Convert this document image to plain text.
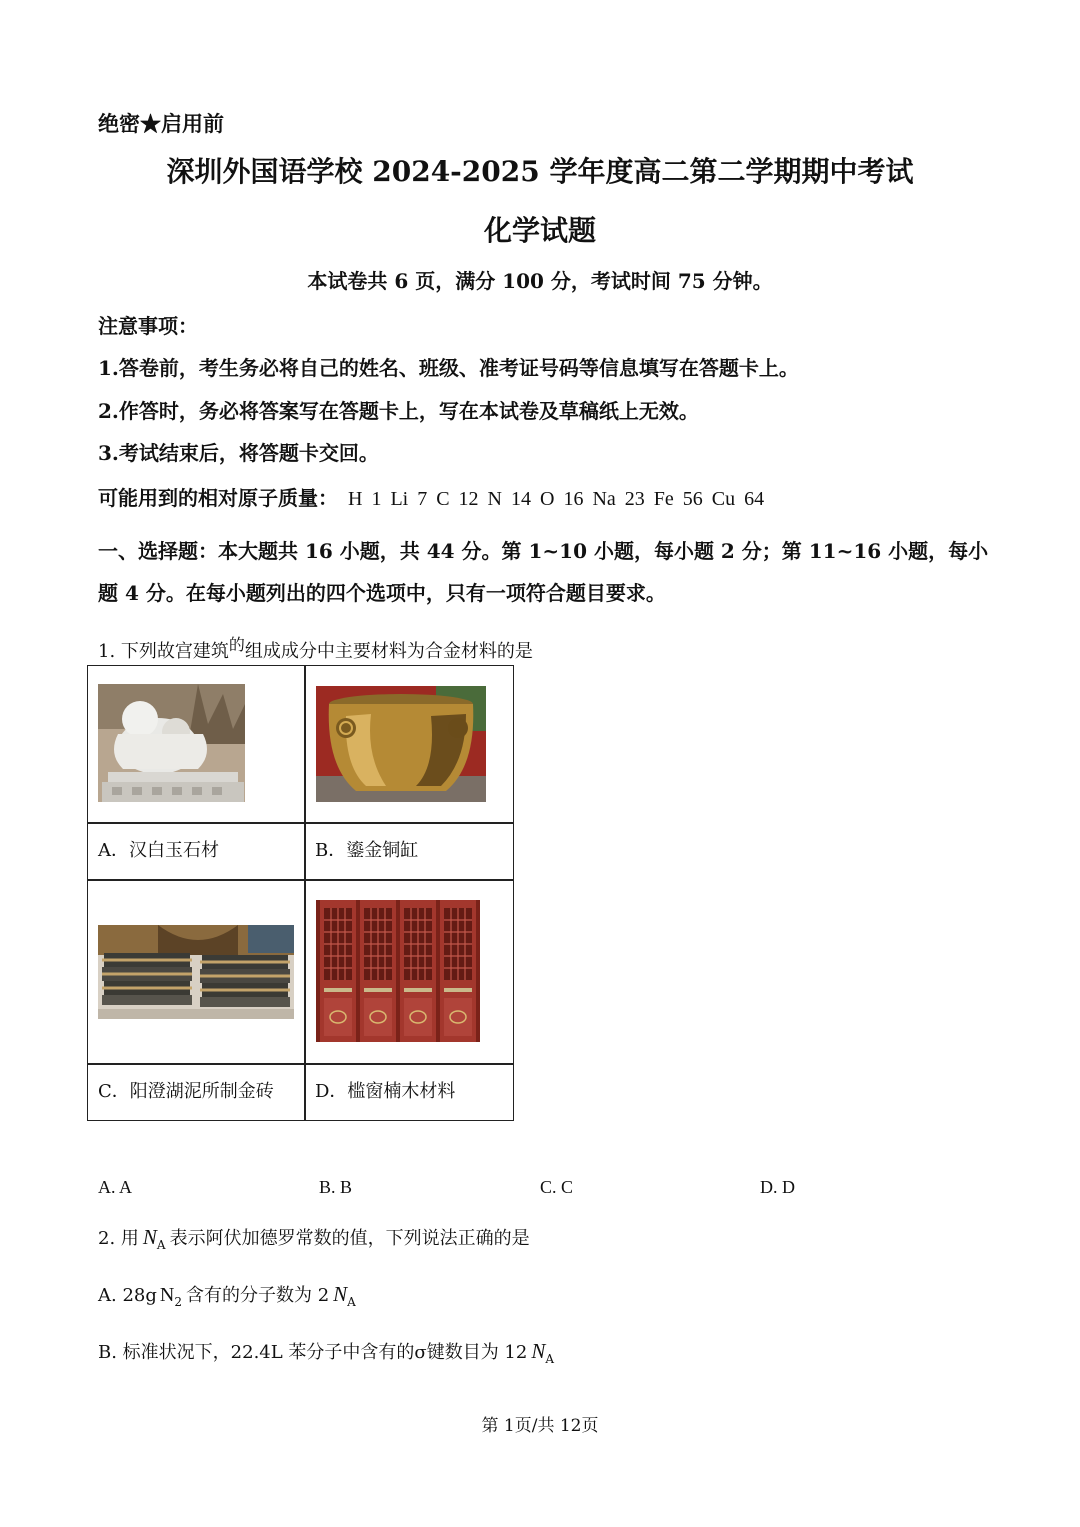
绝密★启用前
深圳外国语学校 2024-2025 学年度高二第二学期期中考试
化学试题
本试卷共 6 页，满分 100 分，考试时间 75 分钟。
注意事项：
1.答卷前，考生务必将自己的姓名、班级、准考证号码等信息填写在答题卡上。
2.作答时，务必将答案写在答题卡上，写在本试卷及草稿纸上无效。
3.考试结束后，将答题卡交回。
可能用到的相对原子质量： H 1 Li 7 C 12 N 14 O 16 Na 23 Fe 56 Cu 64
一、选择题：本大题共 16 小题，共 44 分。第 1~10 小题，每小题 2 分；第 11~16 小题，每小
题 4 分。在每小题列出的四个选项中，只有一项符合题目要求。
1. 下列故宫建筑的组成成分中主要材料为合金材料的是
A．汉白玉石材	B．鎏金铜缸
C．阳澄湖泥所制金砖	D．槛窗楠木材料
A. A	B. B	C. C	D. D
2. 用 $N_A$ 表示阿伏加德罗常数的值，下列说法正确的是
A. 28g $N_2$ 含有的分子数为 2 $N_A$
B. 标准状况下，22.4L 苯分子中含有的σ键数目为 12 $N_A$
第 1页/共 12页
